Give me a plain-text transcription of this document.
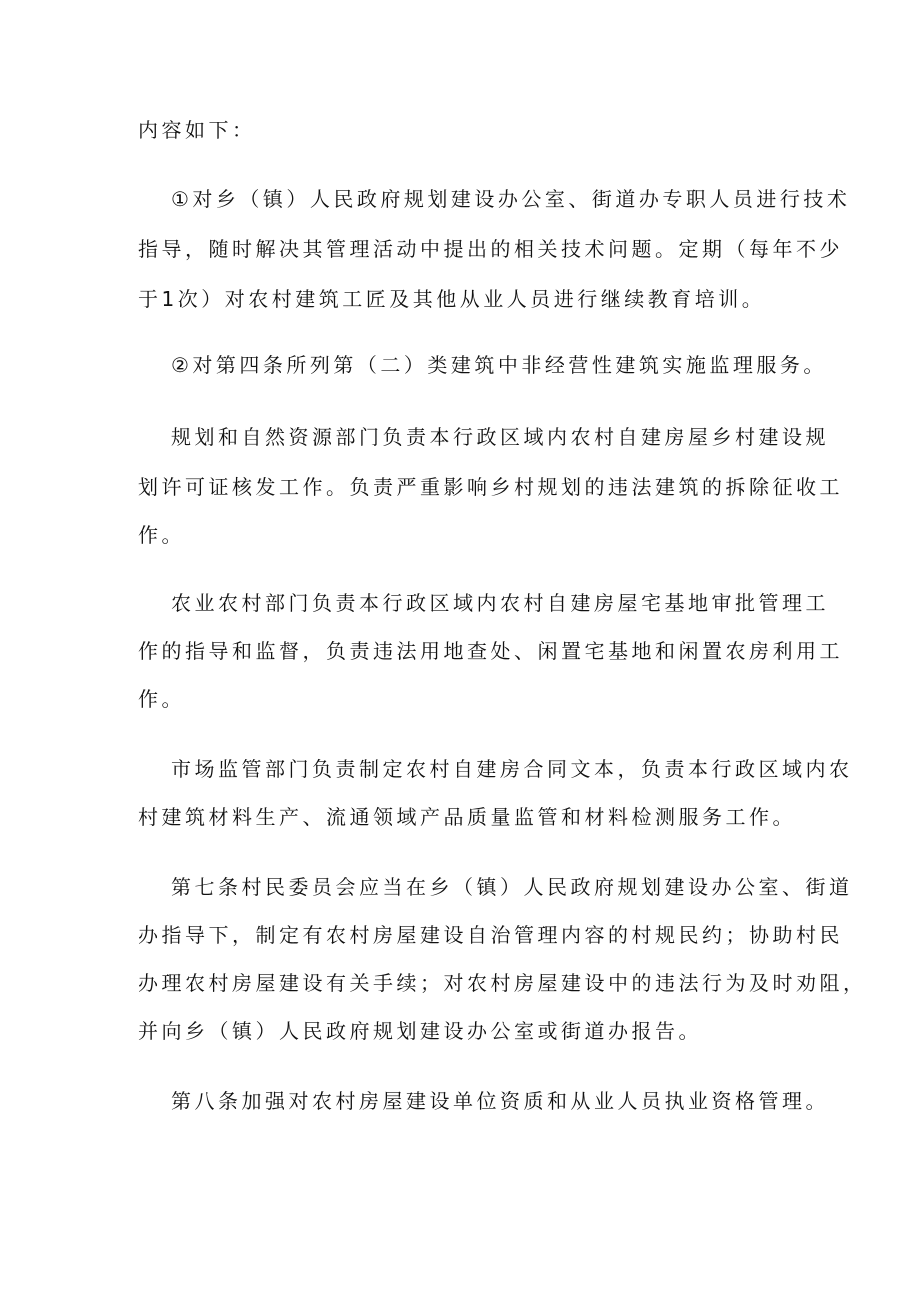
内容如下：
①对乡（镇）人民政府规划建设办公室、街道办专职人员进行技术
指导，随时解决其管理活动中提出的相关技术问题。定期（每年不少
于1次）对农村建筑工匠及其他从业人员进行继续教育培训。
②对第四条所列第（二）类建筑中非经营性建筑实施监理服务。
规划和自然资源部门负责本行政区域内农村自建房屋乡村建设规
划许可证核发工作。负责严重影响乡村规划的违法建筑的拆除征收工
作。
农业农村部门负责本行政区域内农村自建房屋宅基地审批管理工
作的指导和监督，负责违法用地查处、闲置宅基地和闲置农房利用工
作。
市场监管部门负责制定农村自建房合同文本，负责本行政区域内农
村建筑材料生产、流通领域产品质量监管和材料检测服务工作。
第七条村民委员会应当在乡（镇）人民政府规划建设办公室、街道
办指导下，制定有农村房屋建设自治管理内容的村规民约；协助村民
办理农村房屋建设有关手续；对农村房屋建设中的违法行为及时劝阻，
并向乡（镇）人民政府规划建设办公室或街道办报告。
第八条加强对农村房屋建设单位资质和从业人员执业资格管理。
